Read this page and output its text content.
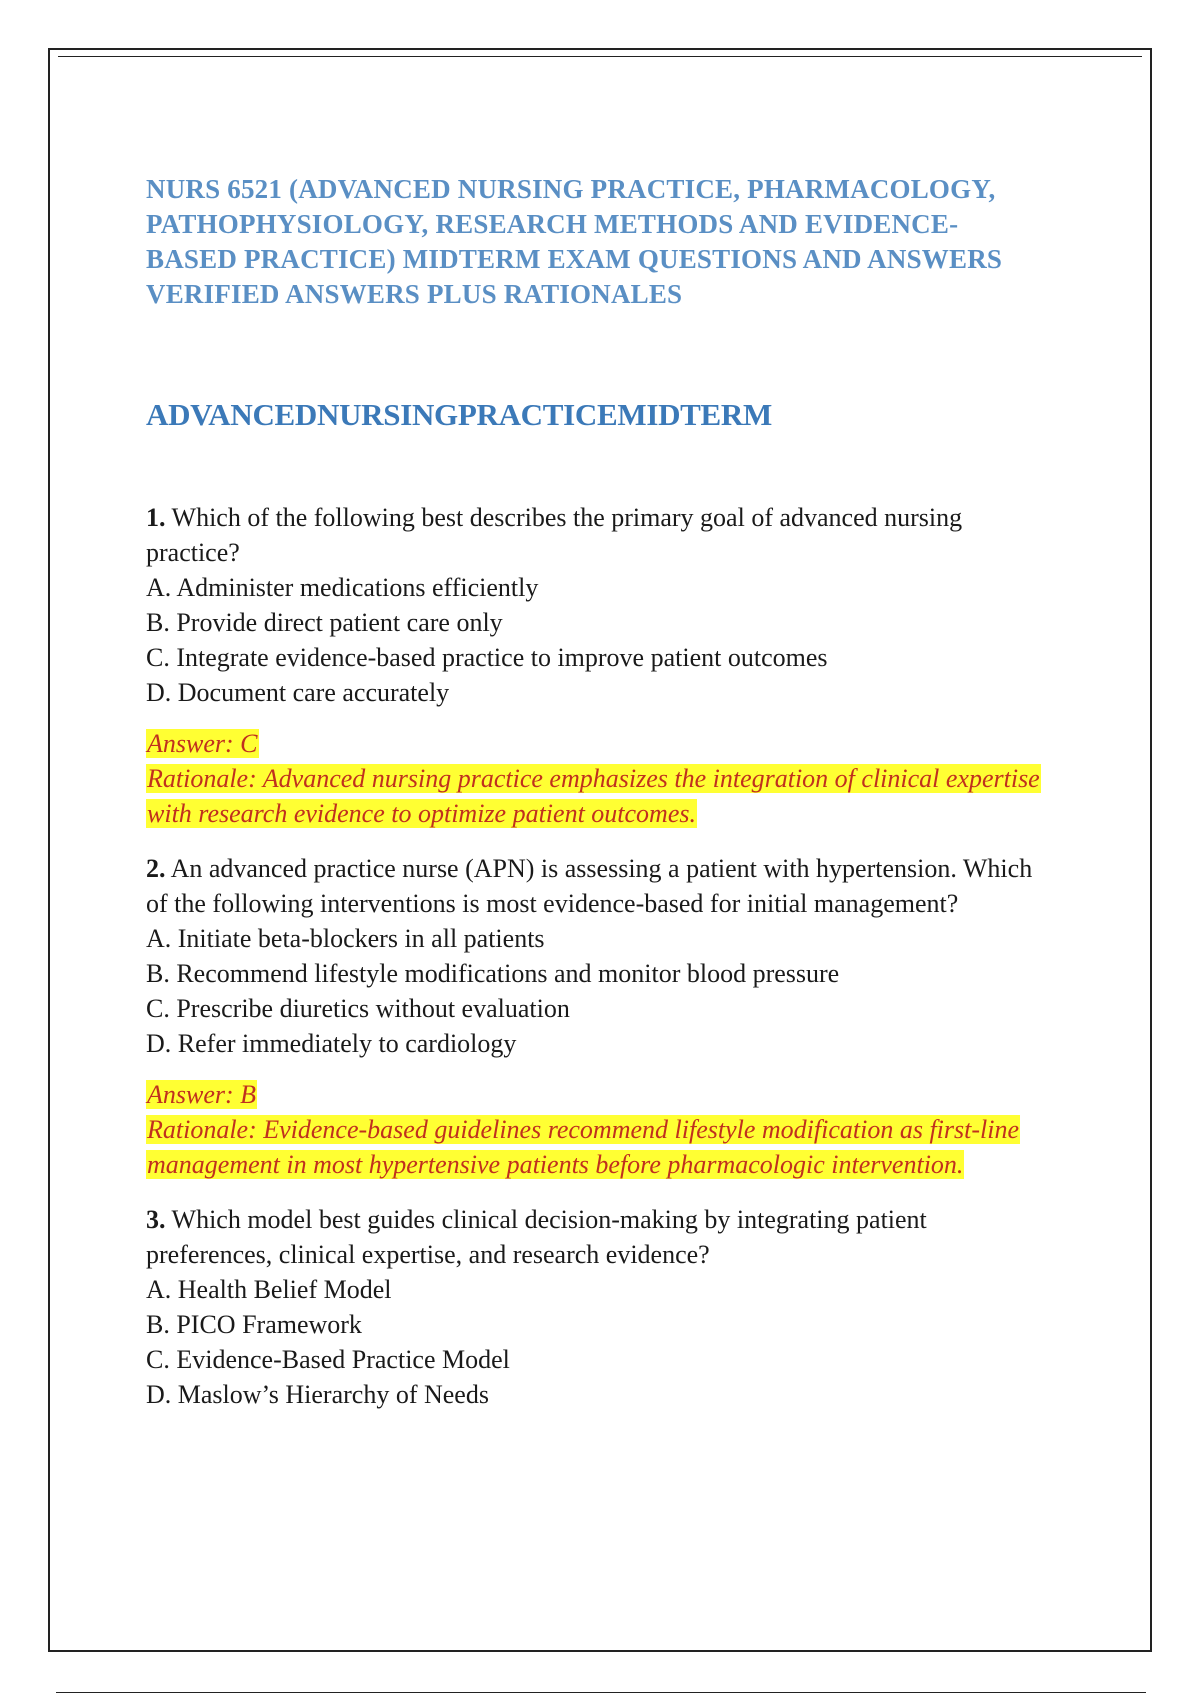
NURS 6521 (ADVANCED NURSING PRACTICE, PHARMACOLOGY, PATHOPHYSIOLOGY, RESEARCH METHODS AND EVIDENCE-BASED PRACTICE) MIDTERM EXAM QUESTIONS AND ANSWERS VERIFIED ANSWERS PLUS RATIONALES
ADVANCEDNURSINGPRACTICEMIDTERM

1. Which of the following best describes the primary goal of advanced nursing practice?

A. Administer medications efficiently
B. Provide direct patient care only
C. Integrate evidence-based practice to improve patient outcomes
D. Document care accurately
Answer: C
Rationale: Advanced nursing practice emphasizes the integration of clinical expertise with research evidence to optimize patient outcomes.

2. An advanced practice nurse (APN) is assessing a patient with hypertension. Which of the following interventions is most evidence-based for initial management?

A. Initiate beta-blockers in all patients
B. Recommend lifestyle modifications and monitor blood pressure
C. Prescribe diuretics without evaluation
D. Refer immediately to cardiology
Answer: B
Rationale: Evidence-based guidelines recommend lifestyle modification as first-line management in most hypertensive patients before pharmacologic intervention.

3. Which model best guides clinical decision-making by integrating patient preferences, clinical expertise, and research evidence?

A. Health Belief Model
B. PICO Framework
C. Evidence-Based Practice Model
D. Maslow’s Hierarchy of Needs
